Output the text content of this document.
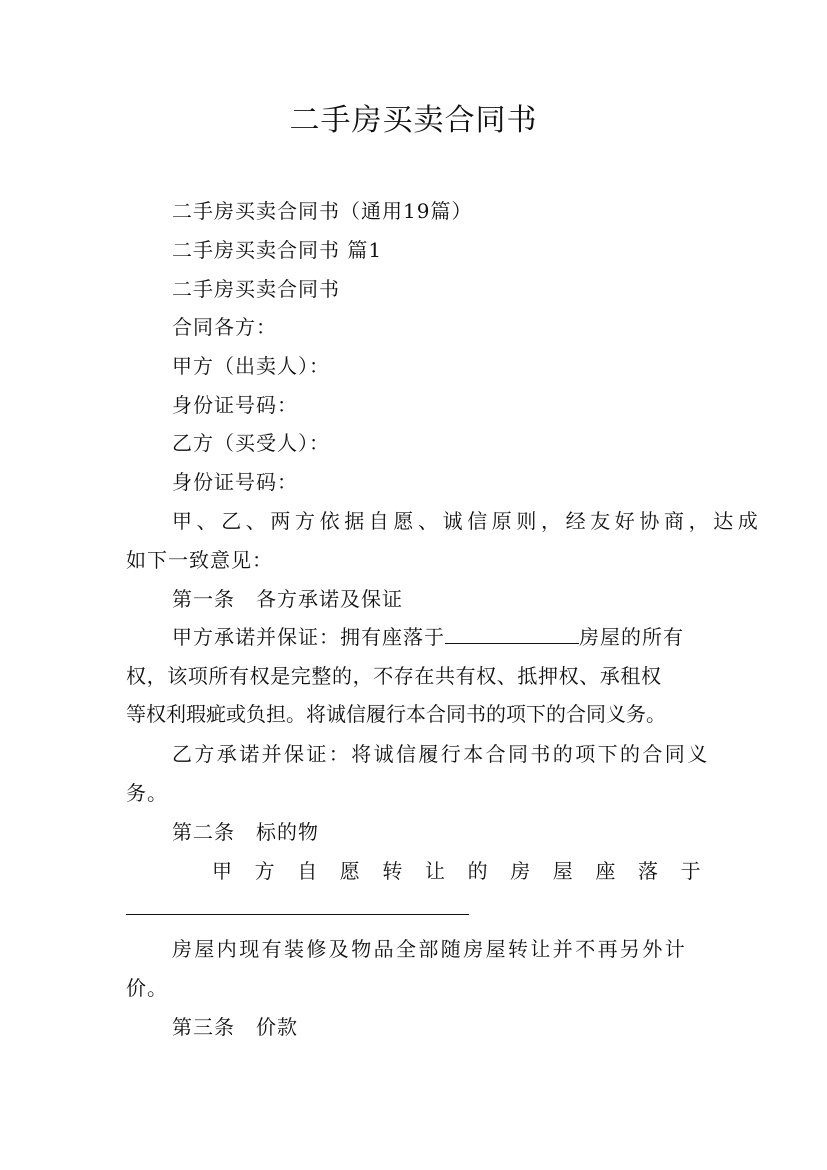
二手房买卖合同书
二手房买卖合同书（通用19篇）
二手房买卖合同书 篇1
二手房买卖合同书
合同各方：
甲方（出卖人）：
身份证号码：
乙方（买受人）：
身份证号码：
甲、乙、两方依据自愿、诚信原则，经友好协商，达成
如下一致意见：
第一条　各方承诺及保证
甲方承诺并保证：拥有座落于	房屋的所有
权，该项所有权是完整的，不存在共有权、抵押权、承租权
等权利瑕疵或负担。将诚信履行本合同书的项下的合同义务。
乙方承诺并保证：将诚信履行本合同书的项下的合同义
务。
第二条　标的物
甲方自愿转让的房屋座落于
房屋内现有装修及物品全部随房屋转让并不再另外计
价。
第三条　价款
